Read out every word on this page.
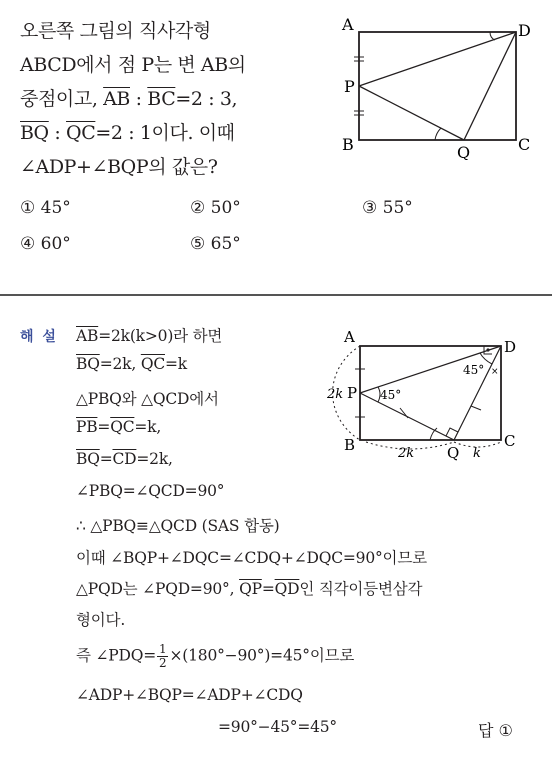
오른쪽 그림의 직사각형
ABCD에서 점 P는 변 AB의
중점이고, $\overline{AB}$ : $\overline{BC}=2$ : 3,
$\overline{BQ}$ : $\overline{QC}=2$ : 1이다. 이때
∠ADP+∠BQP의 값은?
A
B	C
D
P
Q
① 45°	② 50°	③ 55°
④ 60°	⑤ 65°
해 설 $\overline{AB}=2k(k>0)$라 하면
$\overline{BQ}=2k$, $\overline{QC}=k$
△PBQ와 △QCD에서
$\overline{PB}=\overline{QC}=k$,
$\overline{BQ}=\overline{CD}=2k$,
∠PBQ=∠QCD=90°
∴ △PBQ≡△QCD (SAS 합동)
이때 ∠BQP+∠DQC=∠CDQ+∠DQC=90°이므로
△PQD는 ∠PQD=90°, $\overline{QP}=\overline{QD}$인 직각이등변삼각
형이다.
즉 ∠PDQ= $\frac{1}{2} \times(180^\circ-90^\circ)=45^\circ$이므로
∠ADP+∠BQP=∠ADP+∠CDQ
=90°−45°=45°	답 ①
A
B	C
D
P
Q
2k
2k	k
45°
45° ×
